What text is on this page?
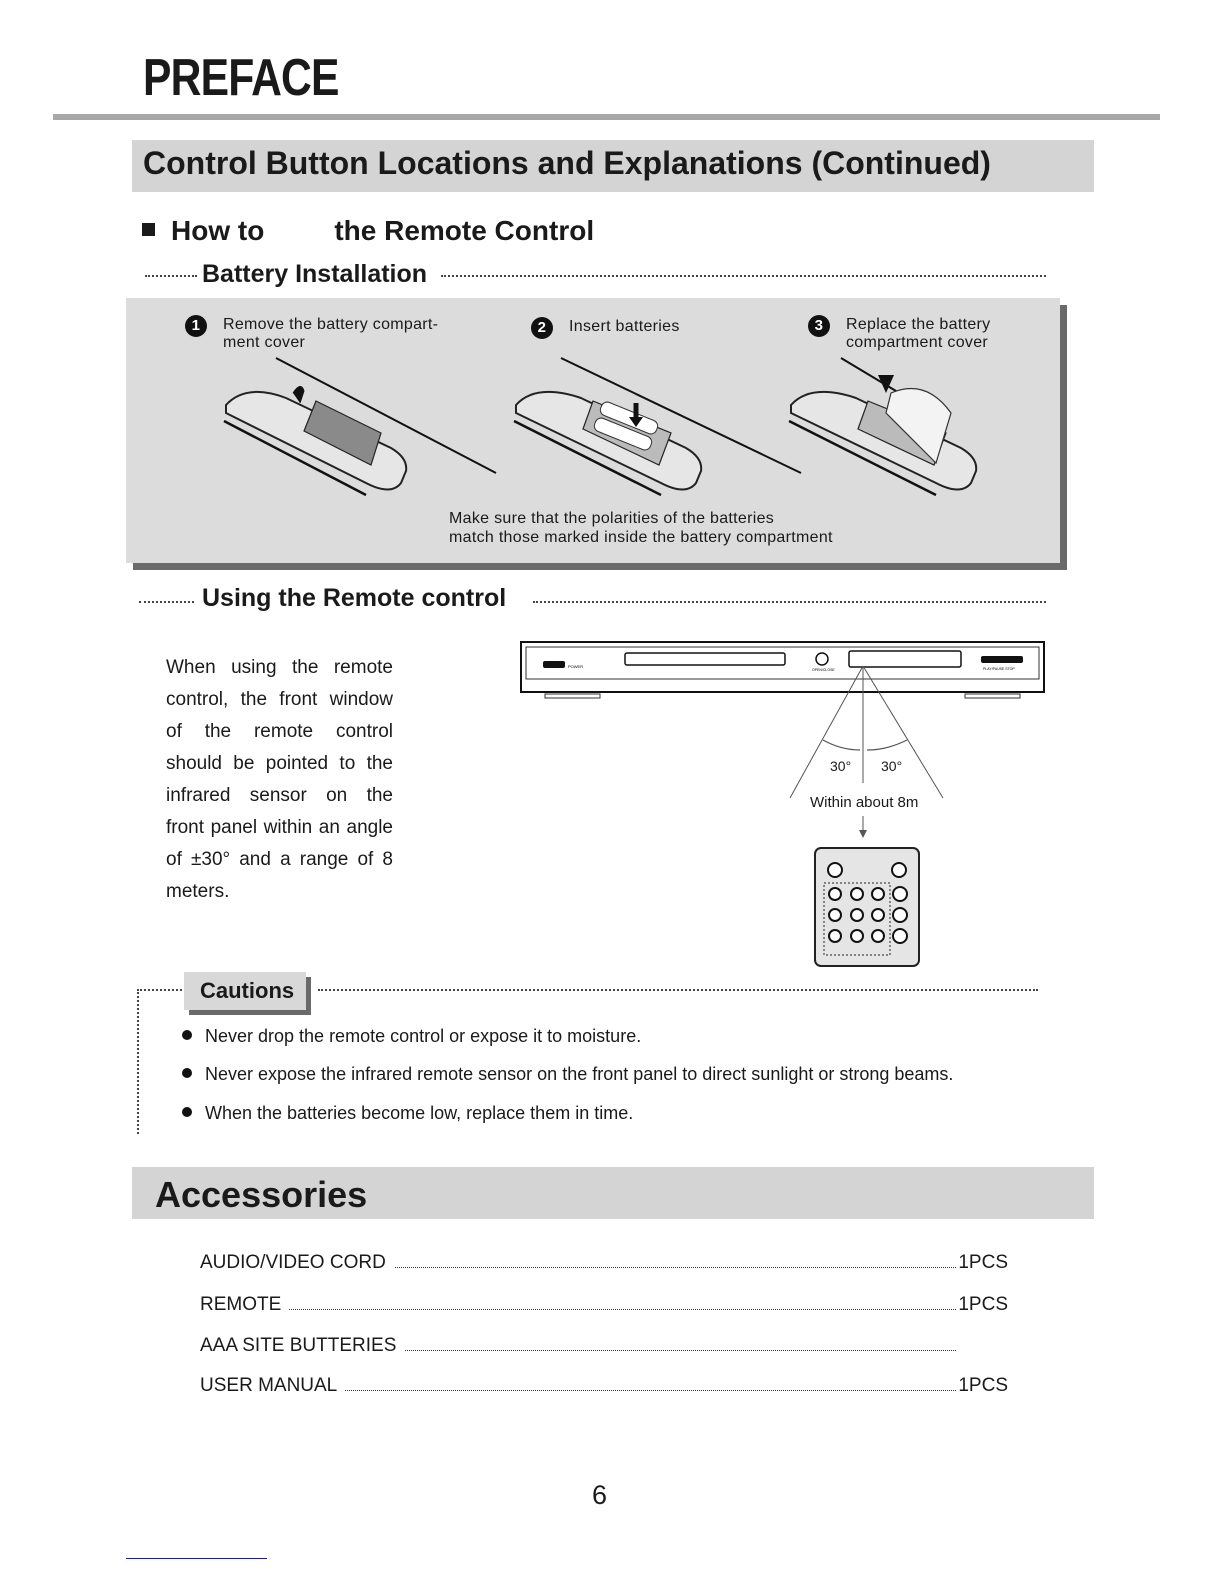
PREFACE
Control Button Locations and Explanations (Continued)
How to	the Remote Control
Battery Installation
1	Remove the battery compart-
ment cover
2	Insert batteries	3	Replace the battery
compartment cover
Make sure that the polarities of the batteries
match those marked inside the battery compartment
Using the Remote control
When using the remote control, the front window of the remote control should be pointed to the infrared sensor on the front panel within an angle of ±30° and a range of 8 meters.
POWER
OPEN/CLOSE	PLAY/PAUSE STOP
30° 30°
Within about 8m
Cautions
Never drop the remote control or expose it to moisture.
Never expose the infrared remote sensor on the front panel to direct sunlight or strong beams.
When the batteries become low, replace them in time.
Accessories
AUDIO/VIDEO CORD	1PCS
REMOTE	1PCS
AAA SITE BUTTERIES
USER MANUAL	1PCS
6
